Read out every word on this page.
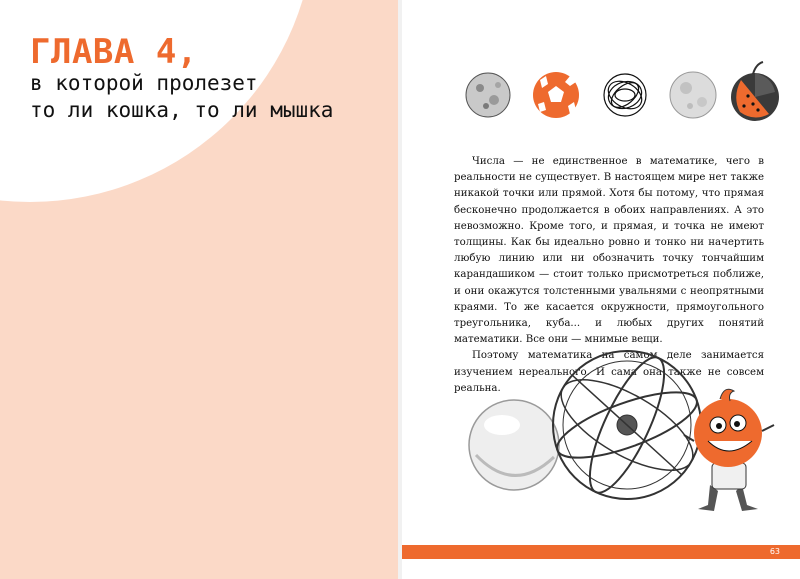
ГЛАВА 4,
в которой пролезет
то ли кошка, то ли мышка

Числа — не единственное в математике, чего в реальности не существует. В настоящем мире нет также никакой точки или прямой. Хотя бы потому, что прямая бесконечно продолжается в обоих направлениях. А это невозможно. Кроме того, и прямая, и точка не имеют толщины. Как бы идеально ровно и тонко ни начертить любую линию или ни обозначить точку тончайшим карандашиком — стоит только присмотреться поближе, и они окажутся толстенными увальнями с неопрятными краями. То же касается окружности, прямоугольного треугольника, куба... и любых других понятий математики. Все они — мнимые вещи.

Поэтому математика на самом деле занимается изучением нереального. И сама она также не совсем реальна.

63
